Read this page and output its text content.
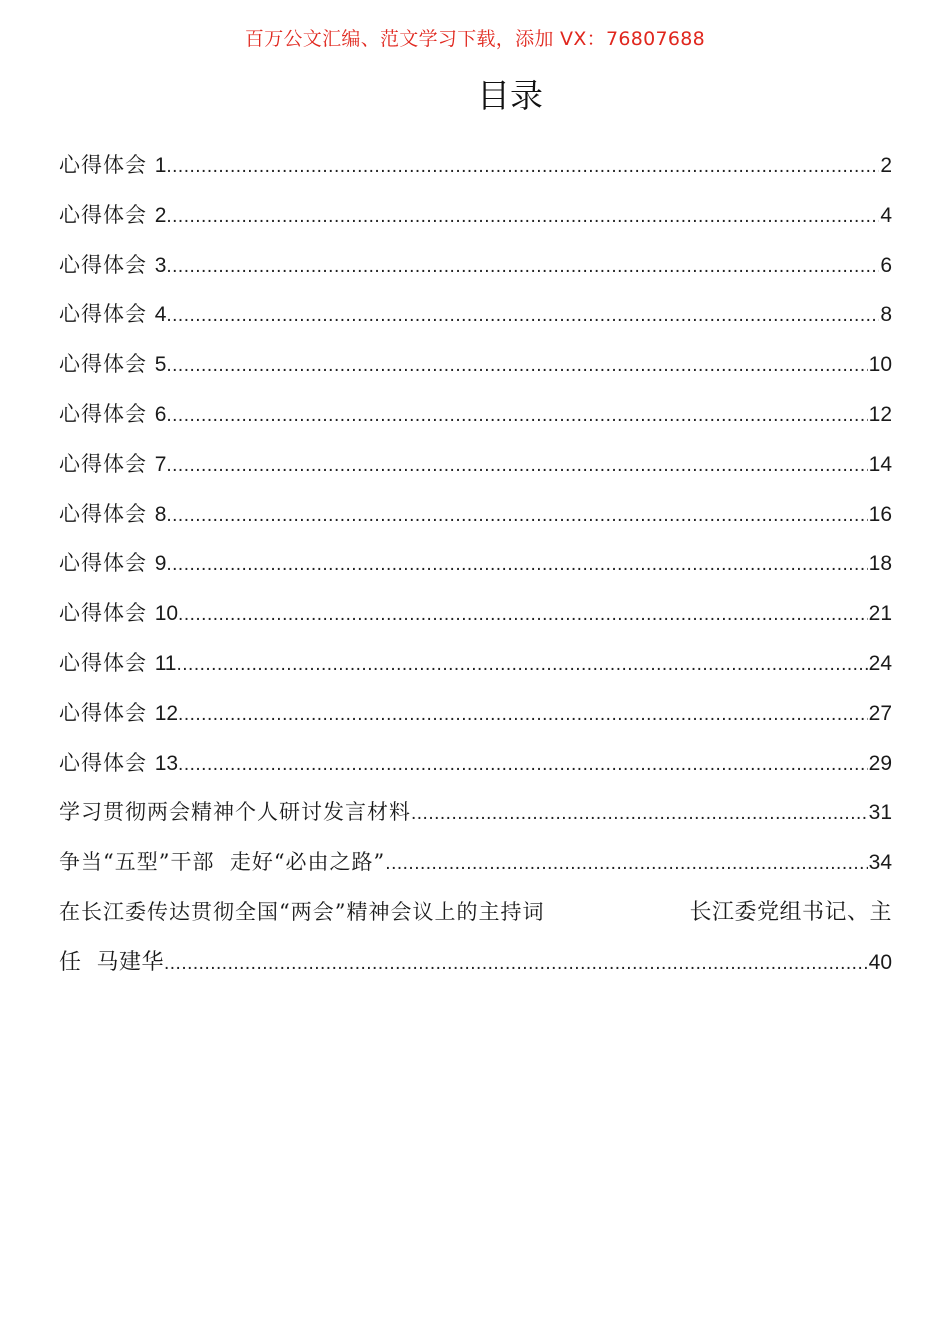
百万公文汇编、范文学习下载，添加 VX：76807688
目录
心得体会 1 .....	2
心得体会 2 .....	4
心得体会 3 .....	6
心得体会 4 .....	8
心得体会 5 .....	10
心得体会 6 .....	12
心得体会 7 .....	14
心得体会 8 .....	16
心得体会 9 .....	18
心得体会 10 .....	21
心得体会 11 .....	24
心得体会 12 .....	27
心得体会 13 .....	29
学习贯彻两会精神个人研讨发言材料 .....	31
争当“五型”干部  走好“必由之路” .....	34
在长江委传达贯彻全国“两会”精神会议上的主持词	长江委党组书记、主
任  马建华 .....	40
